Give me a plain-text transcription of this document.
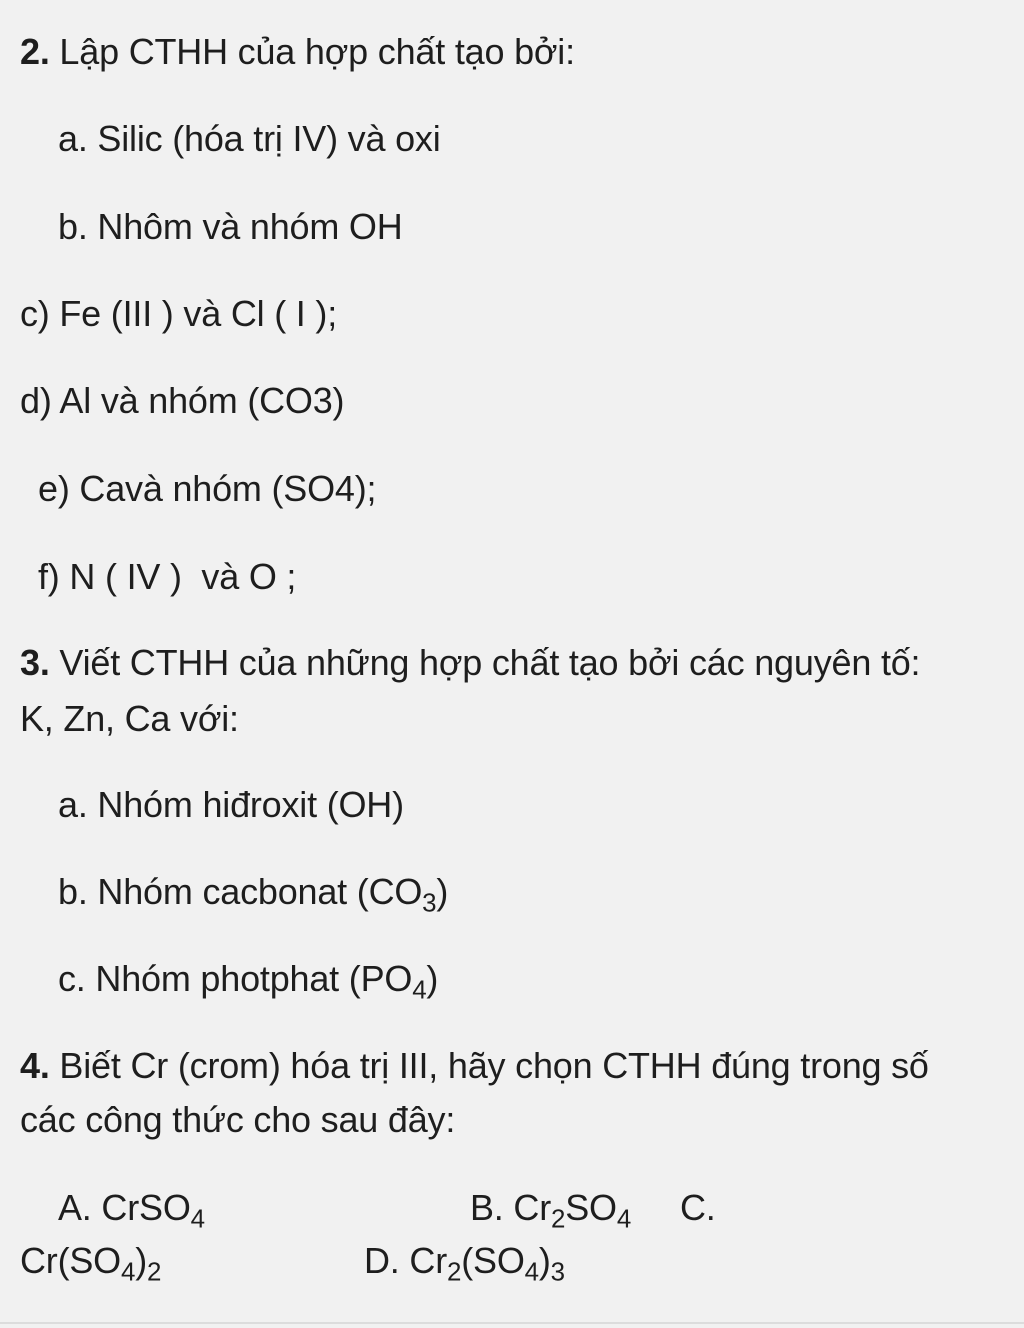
2. Lập CTHH của hợp chất tạo bởi:
a. Silic (hóa trị IV) và oxi
b. Nhôm và nhóm OH
c) Fe (III ) và Cl ( I );
d) Al và nhóm (CO3)
e) Cavà nhóm (SO4);
f) N ( IV )  và O ;
3. Viết CTHH của những hợp chất tạo bởi các nguyên tố:
K, Zn, Ca với:
a. Nhóm hiđroxit (OH)
b. Nhóm cacbonat $(CO_3)$
c. Nhóm photphat $(PO_4)$
4. Biết Cr (crom) hóa trị III, hãy chọn CTHH đúng trong số
các công thức cho sau đây:
A. CrSO$_4$	B. $Cr_2SO_4$ C.
$Cr(SO_4)_2$	D. $Cr_2(SO_4)_3$
